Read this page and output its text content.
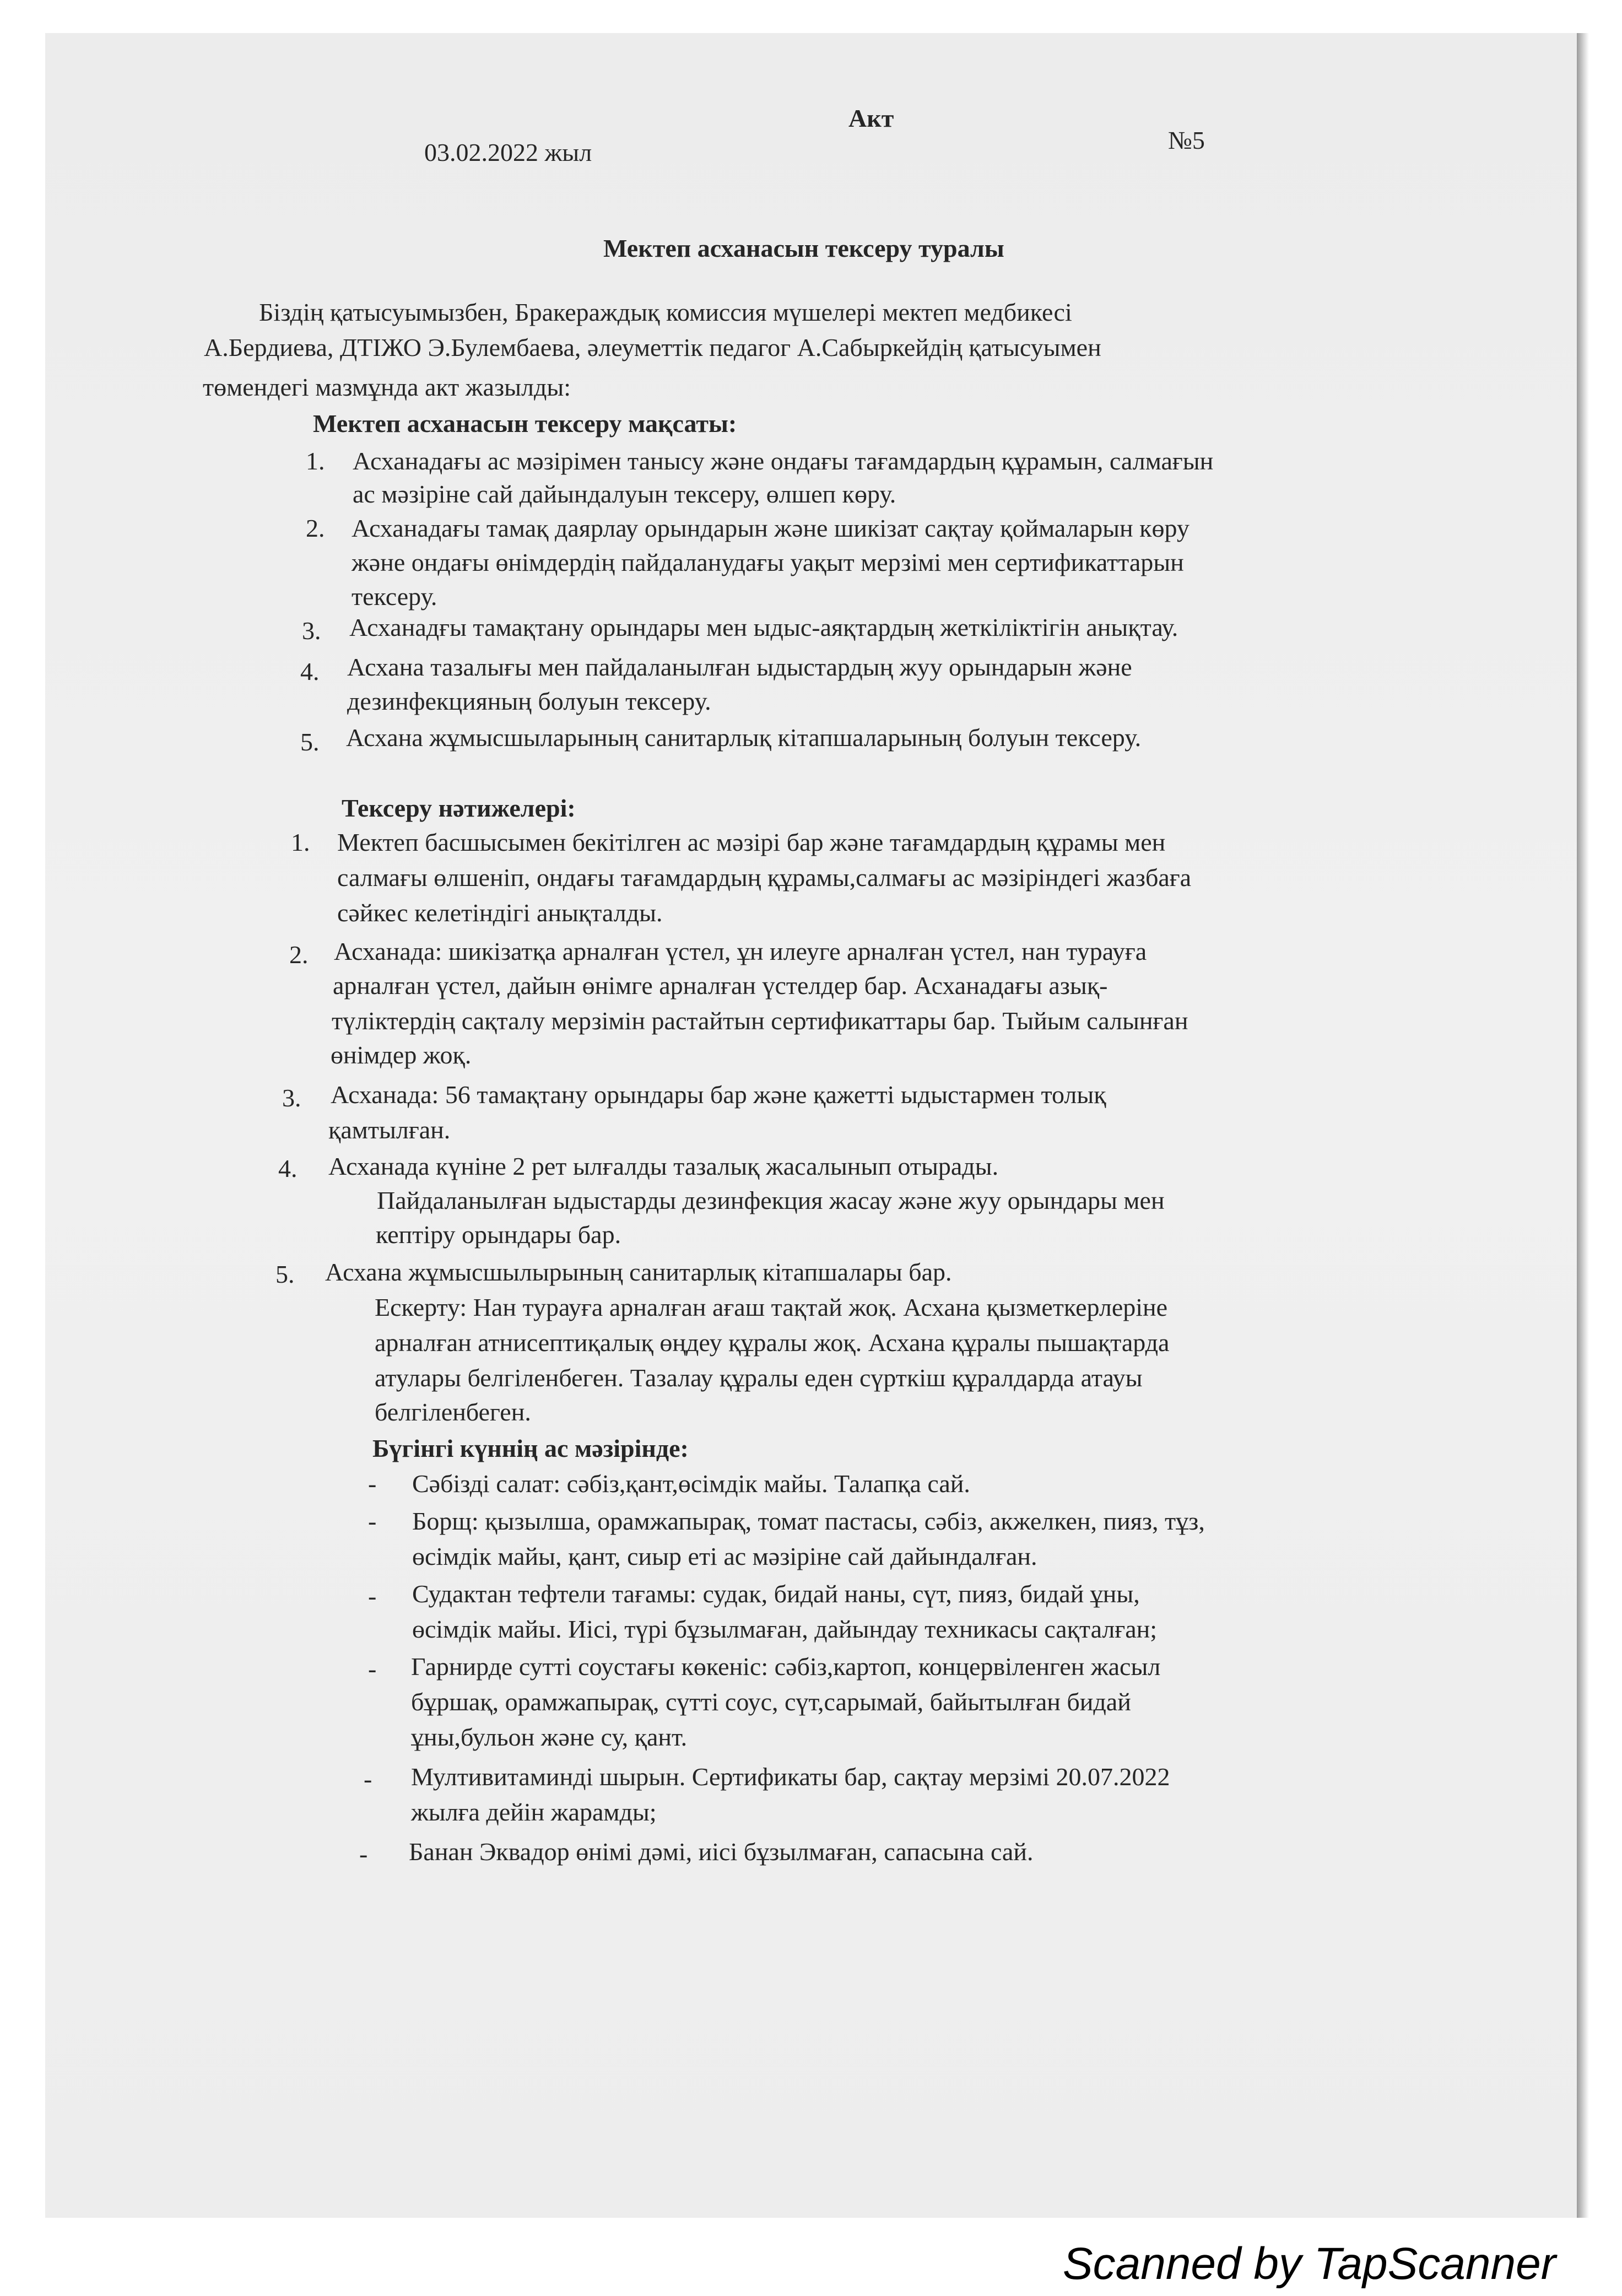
Акт
03.02.2022 жыл	№5
Мектеп асханасын тексеру туралы
Біздің қатысуымызбен, Бракераждық комиссия мүшелері мектеп медбикесі
А.Бердиева, ДТІЖО Э.Булембаева, әлеуметтік педагог А.Сабыркейдің қатысуымен
төмендегі мазмұнда акт жазылды:
Мектеп асханасын тексеру мақсаты:
1. Асханадағы ас мәзірімен танысу және ондағы тағамдардың құрамын, салмағын
ас мәзіріне сай дайындалуын тексеру, өлшеп көру.
2. Асханадағы тамақ даярлау орындарын және шикізат сақтау қоймаларын көру
және ондағы өнімдердің пайдаланудағы уақыт мерзімі мен сертификаттарын
тексеру.
3. Асханадғы тамақтану орындары мен ыдыс-аяқтардың жеткіліктігін анықтау.
4. Асхана тазалығы мен пайдаланылған ыдыстардың жуу орындарын және
дезинфекцияның болуын тексеру.
5. Асхана жұмысшыларының санитарлық кітапшаларының болуын тексеру.
Тексеру нәтижелері:
1. Мектеп басшысымен бекітілген ас мәзірі бар және тағамдардың құрамы мен
салмағы өлшеніп, ондағы тағамдардың құрамы,салмағы ас мәзіріндегі жазбаға
сәйкес келетіндігі анықталды.
2. Асханада: шикізатқа арналған үстел, ұн илеуге арналған үстел, нан турауға
арналған үстел, дайын өнімге арналған үстелдер бар. Асханадағы азық-
түліктердің сақталу мерзімін растайтын сертификаттары бар. Тыйым салынған
өнімдер жоқ.
3. Асханада: 56 тамақтану орындары бар және қажетті ыдыстармен толық
қамтылған.
4. Асханада күніне 2 рет ылғалды тазалық жасалынып отырады.
Пайдаланылған ыдыстарды дезинфекция жасау және жуу орындары мен
кептіру орындары бар.
5. Асхана жұмысшылырының санитарлық кітапшалары бар.
Ескерту: Нан турауға арналған ағаш тақтай жоқ. Асхана қызметкерлеріне
арналған атнисептиқалық өңдеу құралы жоқ. Асхана құралы пышақтарда
атулары белгіленбеген. Тазалау құралы еден сүрткіш құралдарда атауы
белгіленбеген.
Бүгінгі күннің ас мәзірінде:
- Сәбізді салат: сәбіз,қант,өсімдік майы. Талапқа сай.
- Борщ: қызылша, орамжапырақ, томат пастасы, сәбіз, акжелкен, пияз, тұз,
өсімдік майы, қант, сиыр еті ас мәзіріне сай дайындалған.
- Судактан тефтели тағамы: судак, бидай наны, сүт, пияз, бидай ұны,
өсімдік майы. Иісі, түрі бұзылмаған, дайындау техникасы сақталған;
- Гарнирде сутті соустағы көкеніс: сәбіз,картоп, концервіленген жасыл
бұршақ, орамжапырақ, сүтті соус, сүт,сарымай, байытылған бидай
ұны,бульон және су, қант.
- Мултивитаминді шырын. Сертификаты бар, сақтау мерзімі 20.07.2022
жылға дейін жарамды;
- Банан Эквадор өнімі дәмі, иісі бұзылмаған, сапасына сай.
Scanned by TapScanner
